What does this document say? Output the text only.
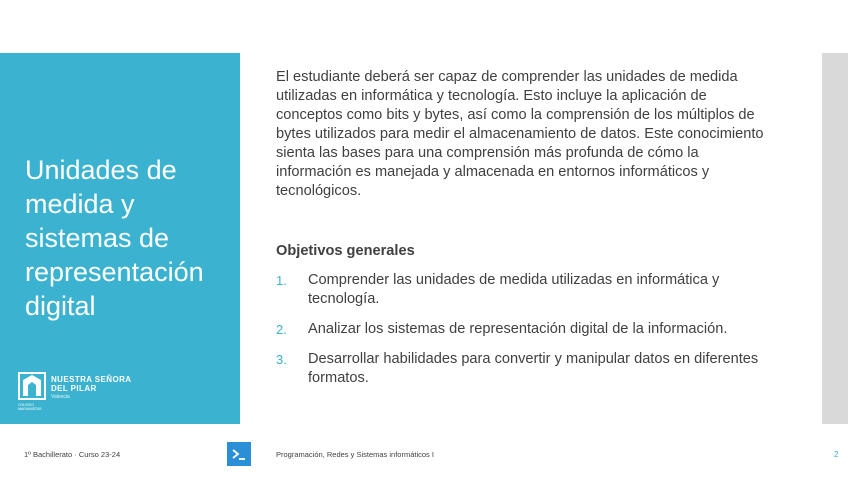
Unidades de medida y sistemas de representación digital
NUESTRA SEÑORA
DEL PILAR
Valencia
COLEGIO MARIANISTAS

El estudiante deberá ser capaz de comprender las unidades de medida utilizadas en informática y tecnología. Esto incluye la aplicación de conceptos como bits y bytes, así como la comprensión de los múltiplos de bytes utilizados para medir el almacenamiento de datos. Este conocimiento sienta las bases para una comprensión más profunda de cómo la información es manejada y almacenada en entornos informáticos y tecnológicos.

Objetivos generales

1. Comprender las unidades de medida utilizadas en informática y tecnología.
2. Analizar los sistemas de representación digital de la información.
3. Desarrollar habilidades para convertir y manipular datos en diferentes formatos.
1º Bachillerato · Curso 23-24	Programación, Redes y Sistemas informáticos I	2
